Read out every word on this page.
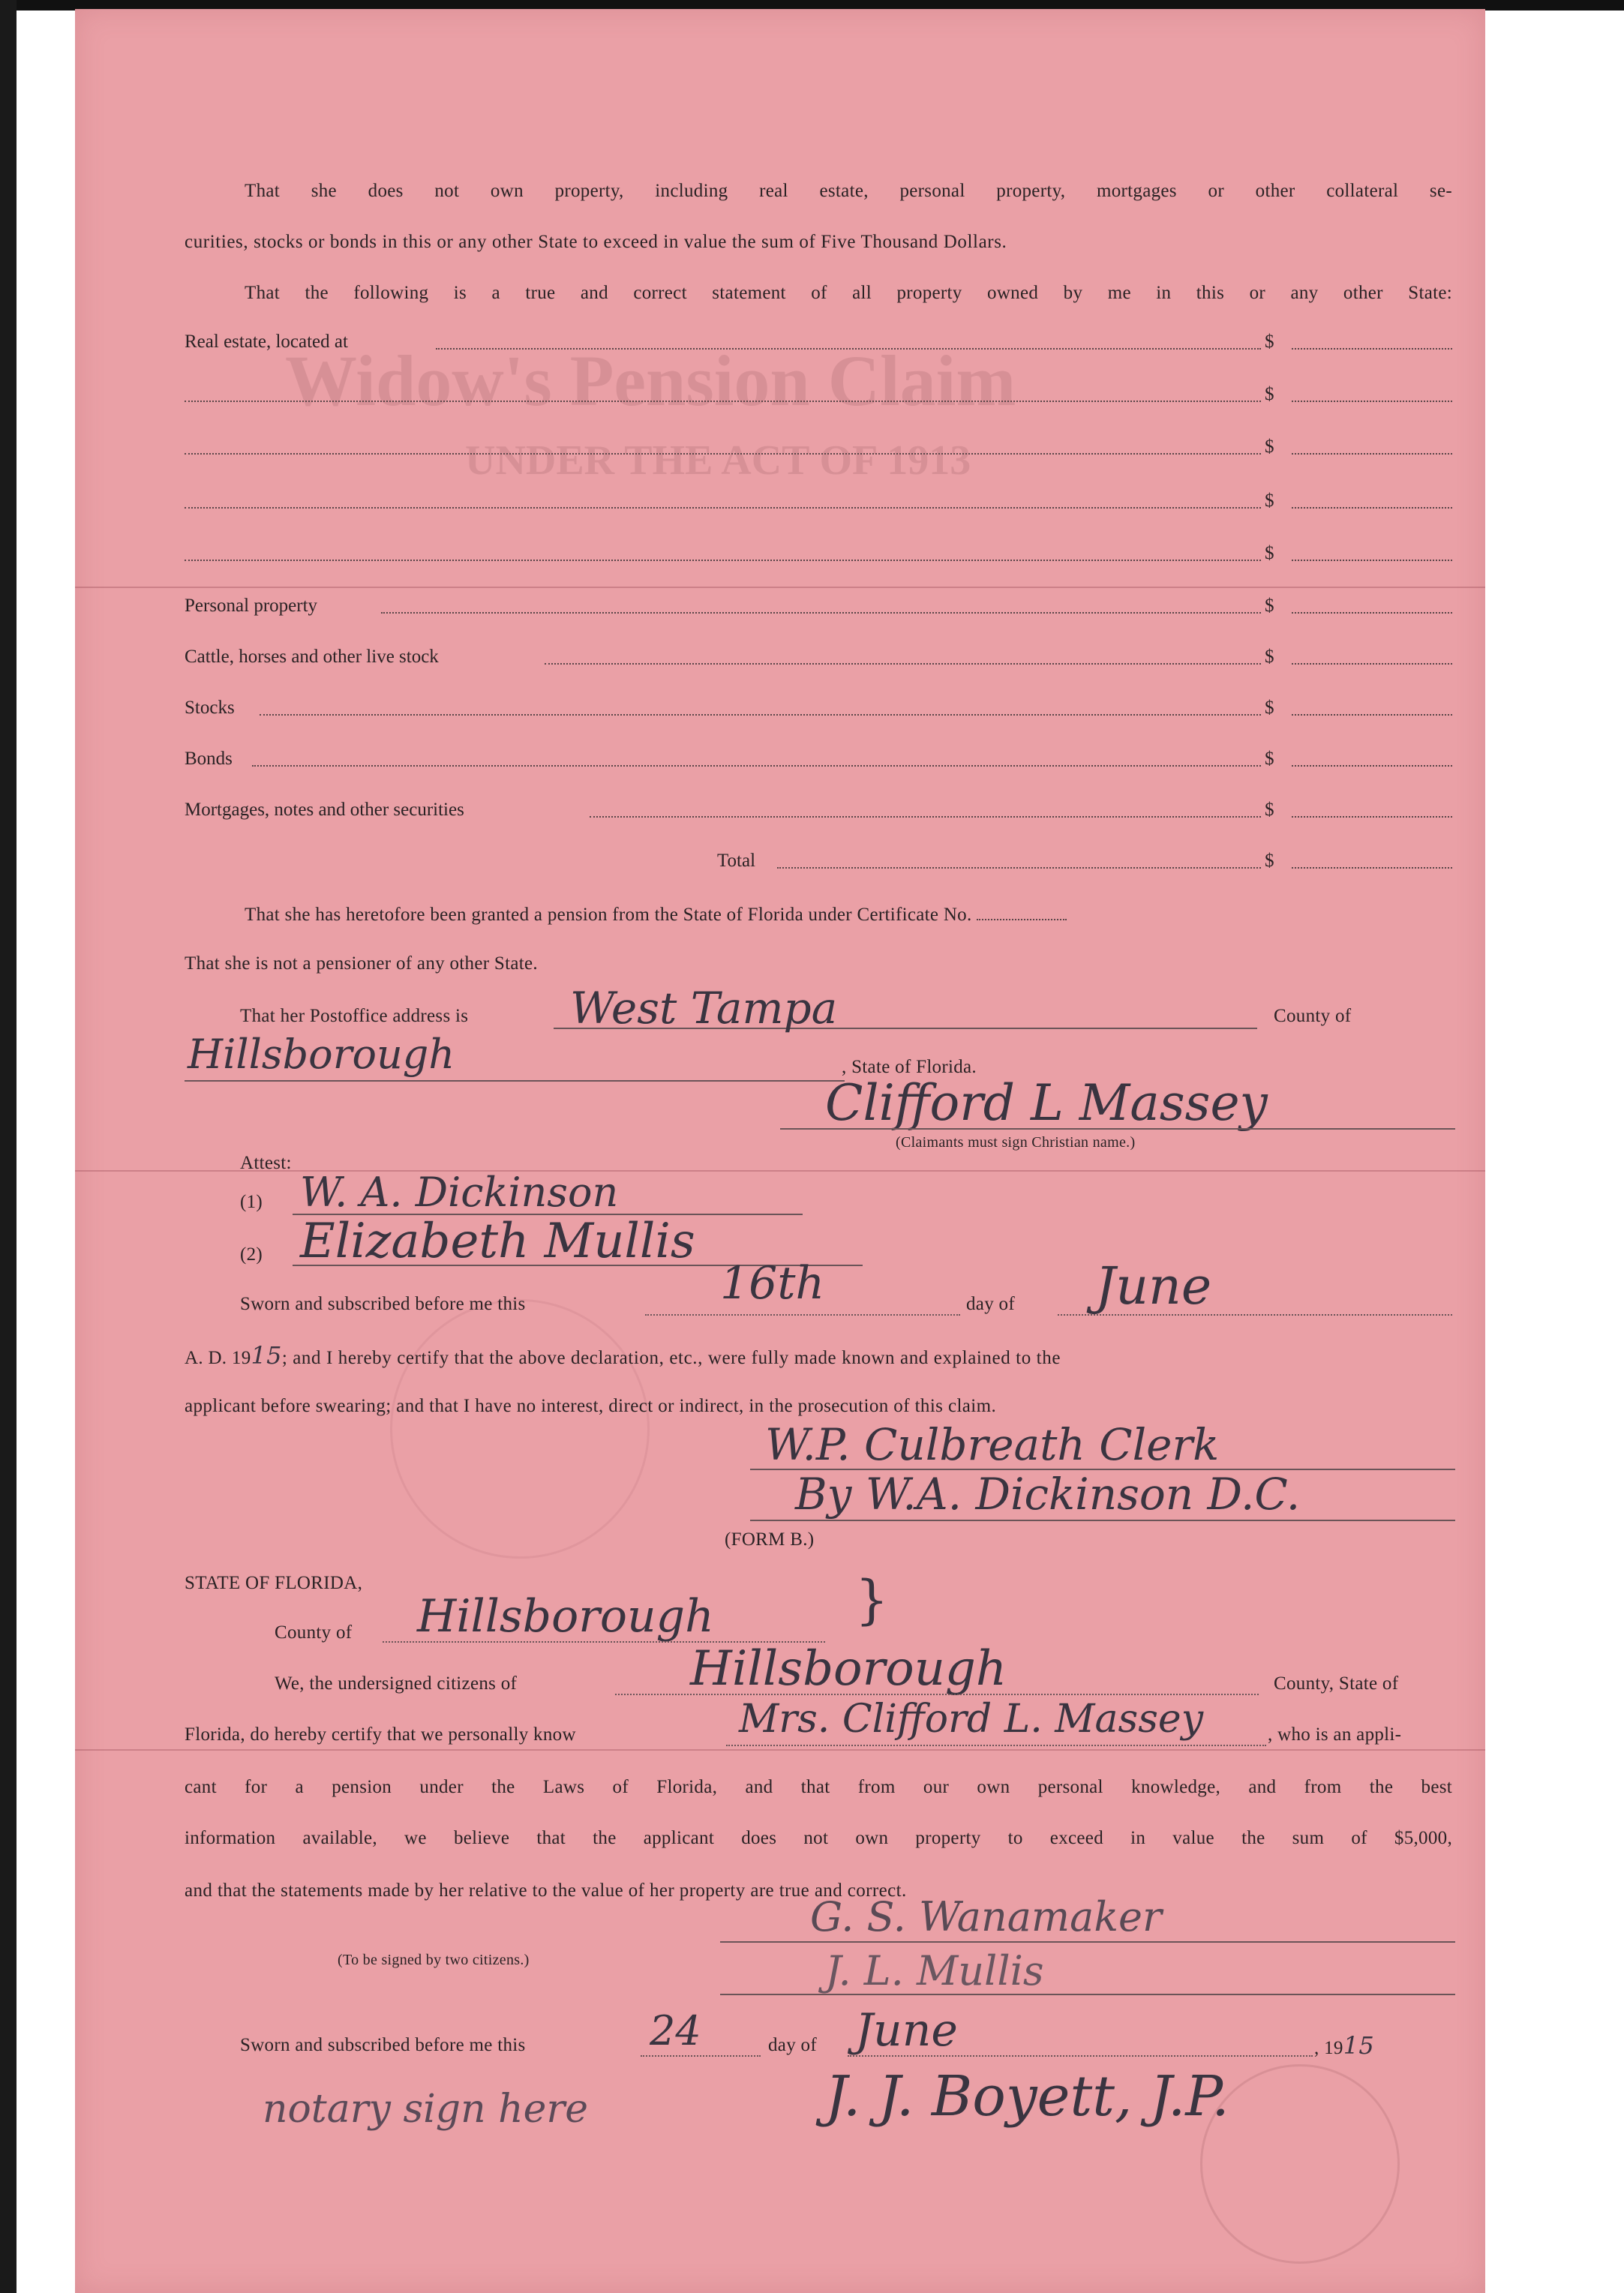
Widow's Pension Claim
UNDER THE ACT OF 1913
That she does not own property, including real estate, personal property, mortgages or other collateral se-
curities, stocks or bonds in this or any other State to exceed in value the sum of Five Thousand Dollars.
That the following is a true and correct statement of all property owned by me in this or any other State:
Real estate, located at	$
$
$
$
$
Personal property	$
Cattle, horses and other live stock	$
Stocks	$
Bonds	$
Mortgages, notes and other securities	$
Total	$
That she has heretofore been granted a pension from the State of Florida under Certificate No.
That she is not a pensioner of any other State.
That her Postoffice address is	West Tampa	County of
Hillsborough	, State of Florida.
Clifford L Massey
(Claimants must sign Christian name.)
Attest:
(1) W. A. Dickinson
(2) Elizabeth Mullis
Sworn and subscribed before me this	16th	day of	June
A. D. 1915; and I hereby certify that the above declaration, etc., were fully made known and explained to the
applicant before swearing; and that I have no interest, direct or indirect, in the prosecution of this claim.
W.P. Culbreath Clerk
By W.A. Dickinson D.C.
(FORM B.)
STATE OF FLORIDA,
County of	Hillsborough	}
We, the undersigned citizens of	Hillsborough	County, State of
Florida, do hereby certify that we personally know	Mrs. Clifford L. Massey	, who is an appli-
cant for a pension under the Laws of Florida, and that from our own personal knowledge, and from the best
information available, we believe that the applicant does not own property to exceed in value the sum of $5,000,
and that the statements made by her relative to the value of her property are true and correct.
G. S. Wanamaker
(To be signed by two citizens.)	J. L. Mullis
Sworn and subscribed before me this	24	day of June	, 1915
notary sign here	J. J. Boyett, J.P.
